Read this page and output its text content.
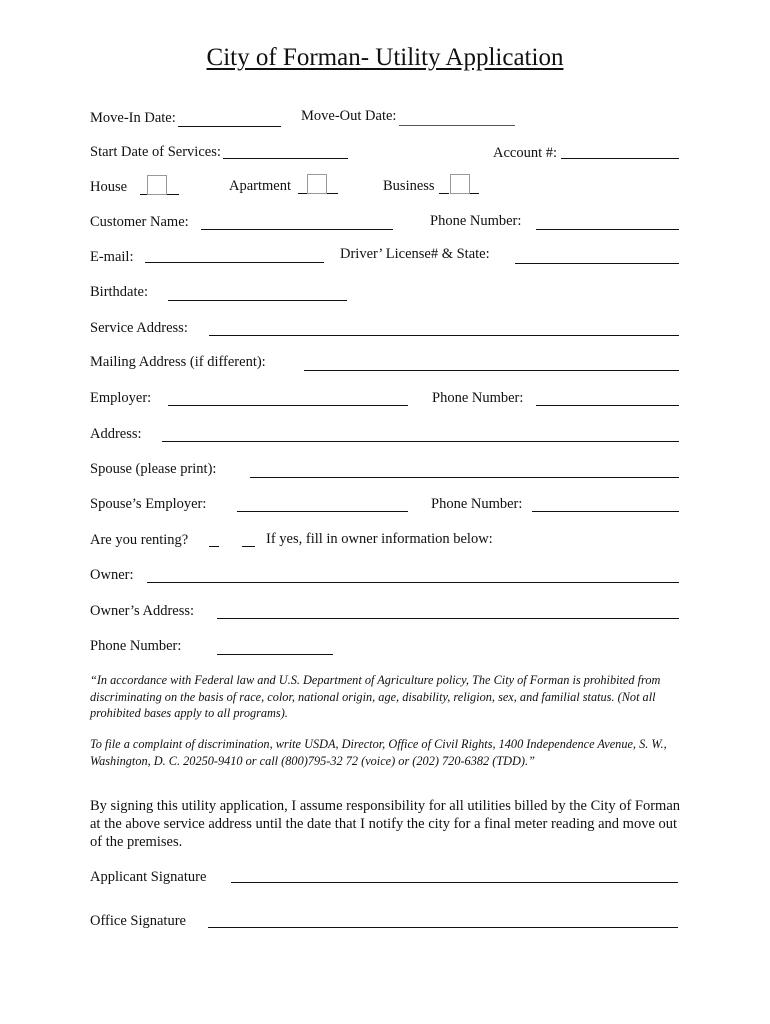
City of Forman- Utility Application
Move-In Date:	Move-Out Date:
Start Date of Services:	Account #:
House	Apartment	Business
Customer Name:	Phone Number:
E-mail:	Driver’ License# & State:
Birthdate:
Service Address:
Mailing Address (if different):
Employer:	Phone Number:
Address:
Spouse (please print):
Spouse’s Employer:	Phone Number:
Are you renting?	If yes, fill in owner information below:
Owner:
Owner’s Address:
Phone Number:
“In accordance with Federal law and U.S. Department of Agriculture policy, The City of Forman is prohibited from discriminating on the basis of race, color, national origin, age, disability, religion, sex, and familial status. (Not all prohibited bases apply to all programs).
To file a complaint of discrimination, write USDA, Director, Office of Civil Rights, 1400 Independence Avenue, S. W., Washington, D. C. 20250-9410 or call (800)795-32 72 (voice) or (202) 720-6382 (TDD).”
By signing this utility application, I assume responsibility for all utilities billed by the City of Forman at the above service address until the date that I notify the city for a final meter reading and move out of the premises.
Applicant Signature
Office Signature
